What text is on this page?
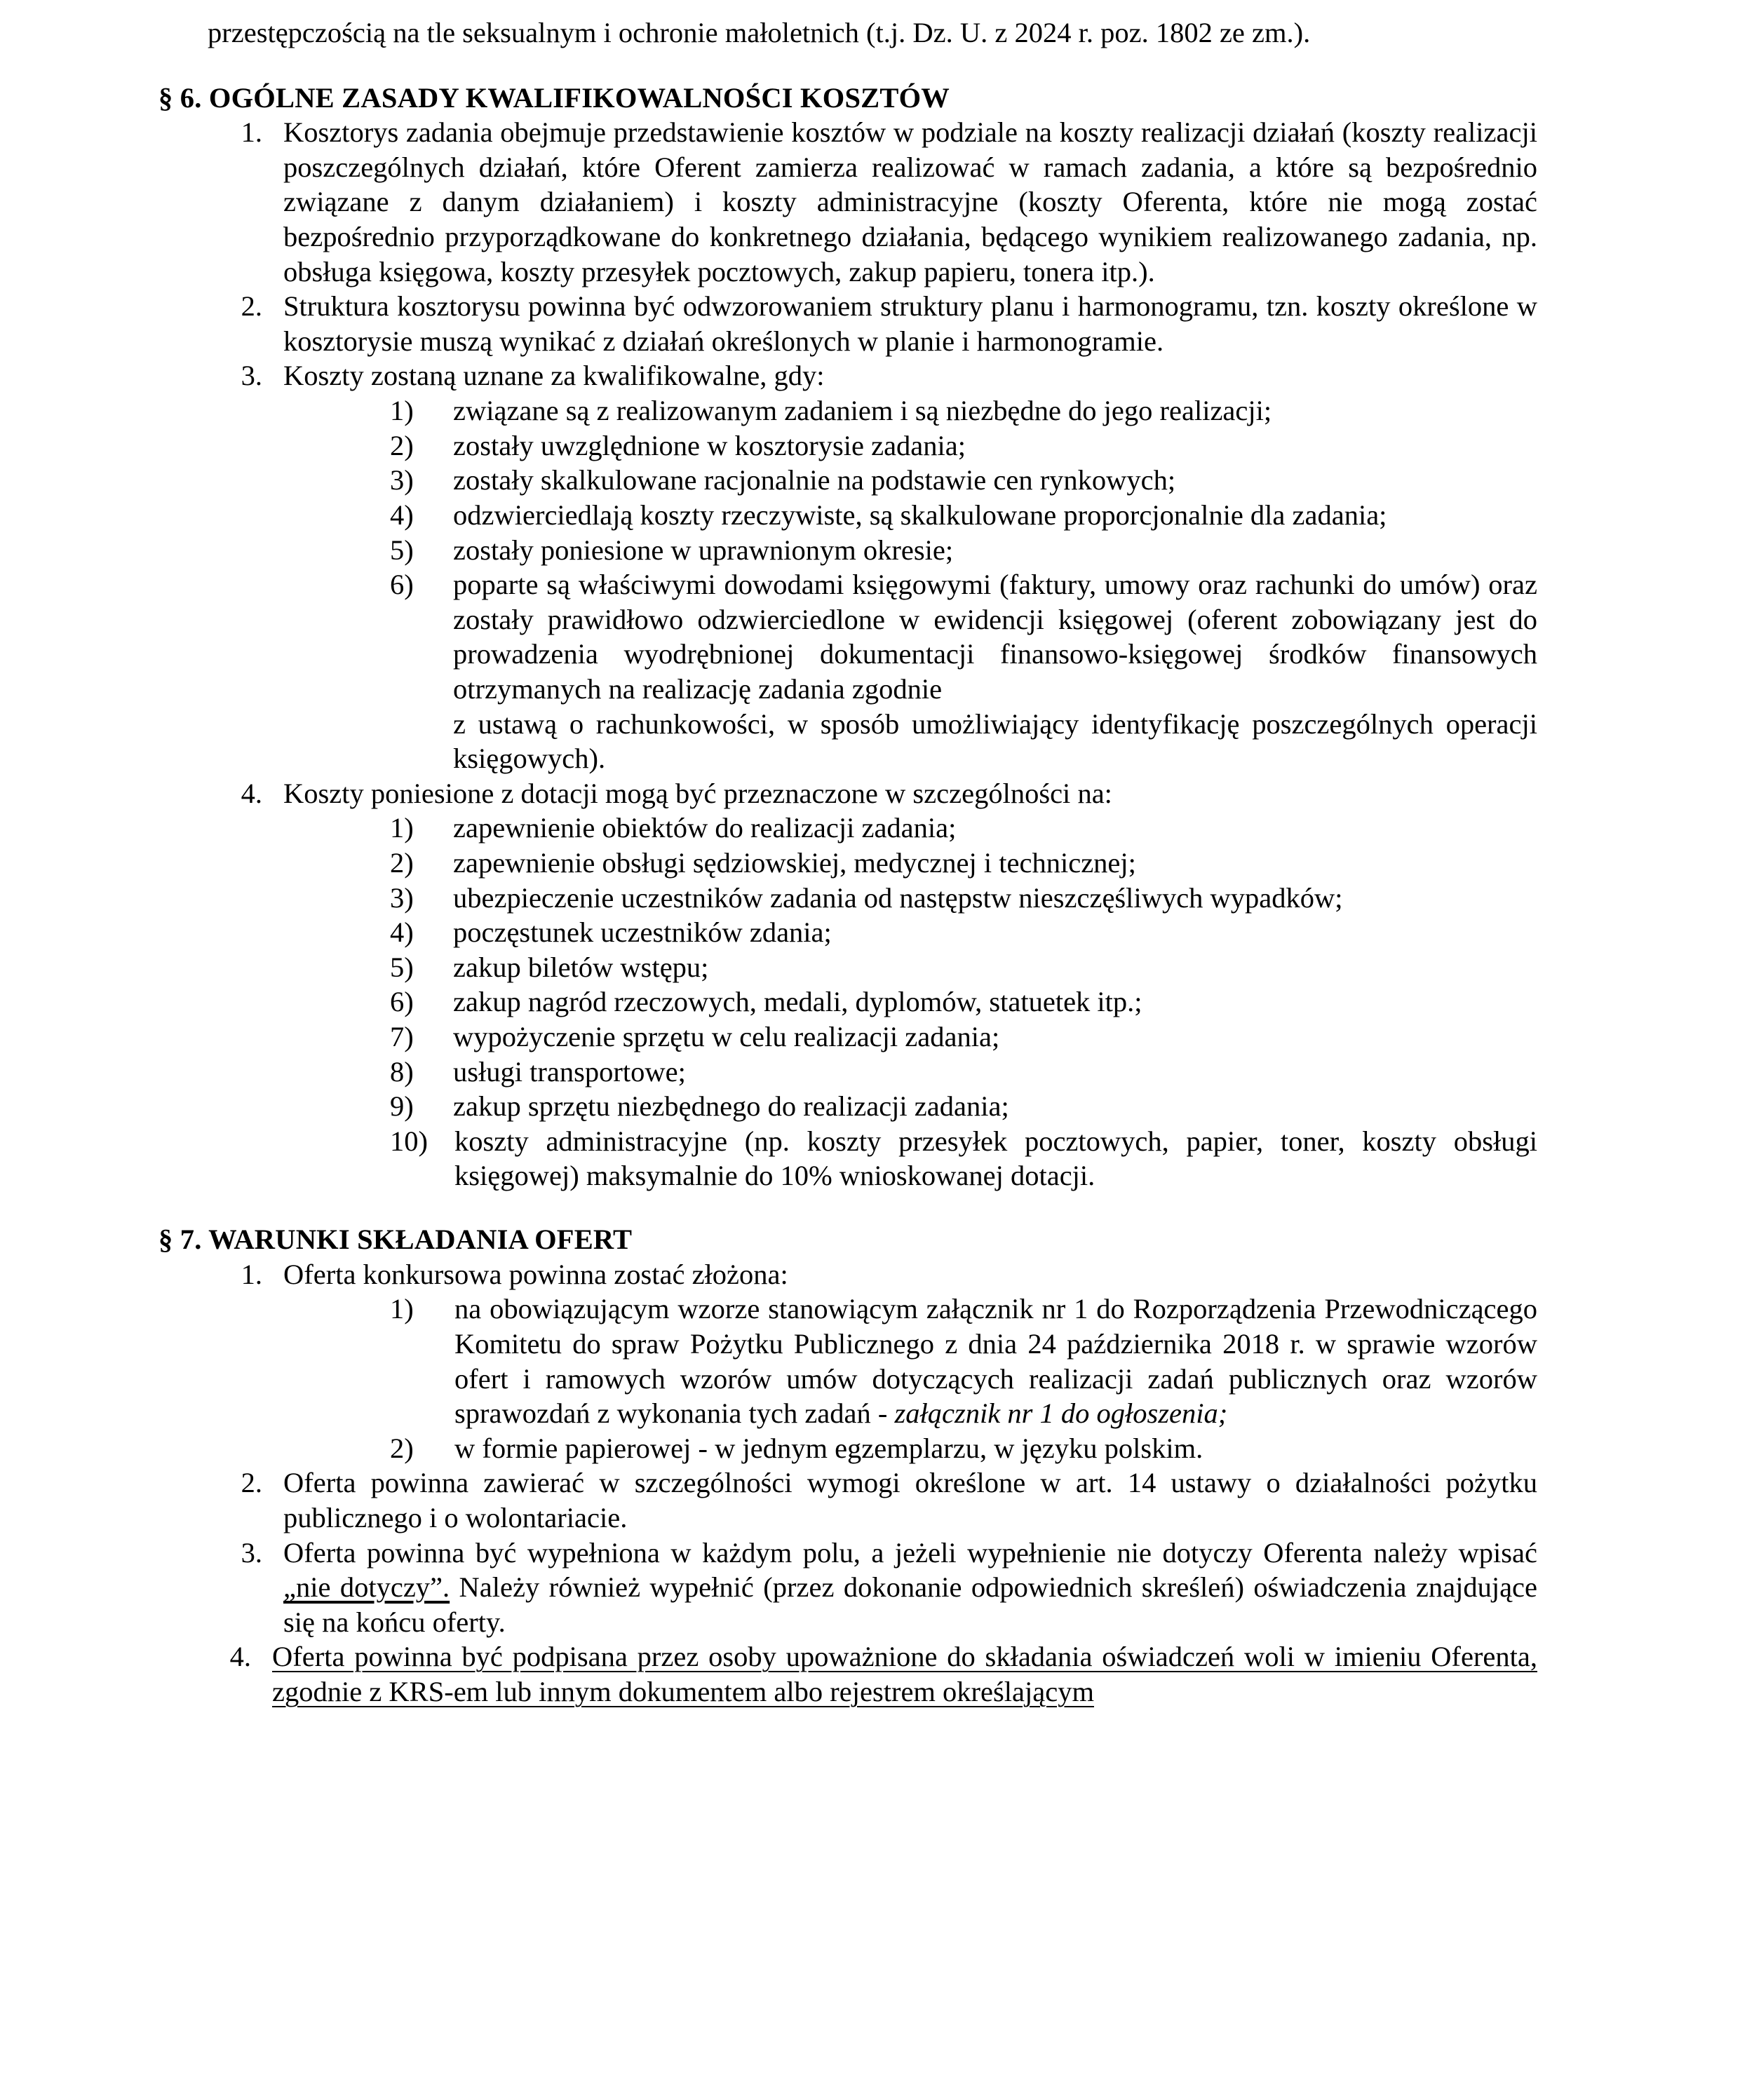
przestępczością na tle seksualnym i ochronie małoletnich (t.j. Dz. U. z 2024 r. poz. 1802 ze zm.).

§ 6. OGÓLNE ZASADY KWALIFIKOWALNOŚCI KOSZTÓW
1. Kosztorys zadania obejmuje przedstawienie kosztów w podziale na koszty realizacji działań (koszty realizacji poszczególnych działań, które Oferent zamierza realizować w ramach zadania, a które są bezpośrednio związane z danym działaniem) i koszty administracyjne (koszty Oferenta, które nie mogą zostać bezpośrednio przyporządkowane do konkretnego działania, będącego wynikiem realizowanego zadania, np. obsługa księgowa, koszty przesyłek pocztowych, zakup papieru, tonera itp.).
2. Struktura kosztorysu powinna być odwzorowaniem struktury planu i harmonogramu, tzn. koszty określone w kosztorysie muszą wynikać z działań określonych w planie i harmonogramie.
3. Koszty zostaną uznane za kwalifikowalne, gdy:
1)	związane są z realizowanym zadaniem i są niezbędne do jego realizacji;
2)	zostały uwzględnione w kosztorysie zadania;
3)	zostały skalkulowane racjonalnie na podstawie cen rynkowych;
4)	odzwierciedlają koszty rzeczywiste, są skalkulowane proporcjonalnie dla zadania;
5)	zostały poniesione w uprawnionym okresie;
6)	poparte są właściwymi dowodami księgowymi (faktury, umowy oraz rachunki do umów) oraz zostały prawidłowo odzwierciedlone w ewidencji księgowej (oferent zobowiązany jest do prowadzenia wyodrębnionej dokumentacji finansowo-księgowej środków finansowych otrzymanych na realizację zadania zgodnie
z ustawą o rachunkowości, w sposób umożliwiający identyfikację poszczególnych operacji księgowych).
4. Koszty poniesione z dotacji mogą być przeznaczone w szczególności na:
1)	zapewnienie obiektów do realizacji zadania;
2)	zapewnienie obsługi sędziowskiej, medycznej i technicznej;
3)	ubezpieczenie uczestników zadania od następstw nieszczęśliwych wypadków;
4)	poczęstunek uczestników zdania;
5)	zakup biletów wstępu;
6)	zakup nagród rzeczowych, medali, dyplomów, statuetek itp.;
7)	wypożyczenie sprzętu w celu realizacji zadania;
8)	usługi transportowe;
9)	zakup sprzętu niezbędnego do realizacji zadania;
10) koszty administracyjne (np. koszty przesyłek pocztowych, papier, toner, koszty obsługi księgowej) maksymalnie do 10% wnioskowanej dotacji.
§ 7. WARUNKI SKŁADANIA OFERT
1. Oferta konkursowa powinna zostać złożona:
1)	na obowiązującym wzorze stanowiącym załącznik nr 1 do Rozporządzenia Przewodniczącego Komitetu do spraw Pożytku Publicznego z dnia 24 października 2018 r. w sprawie wzorów ofert i ramowych wzorów umów dotyczących realizacji zadań publicznych oraz wzorów sprawozdań z wykonania tych zadań - załącznik nr 1 do ogłoszenia;
2)	w formie papierowej - w jednym egzemplarzu, w języku polskim.
2. Oferta powinna zawierać w szczególności wymogi określone w art. 14 ustawy o działalności pożytku publicznego i o wolontariacie.
3. Oferta powinna być wypełniona w każdym polu, a jeżeli wypełnienie nie dotyczy Oferenta należy wpisać „nie dotyczy”. Należy również wypełnić (przez dokonanie odpowiednich skreśleń) oświadczenia znajdujące się na końcu oferty.
4. Oferta powinna być podpisana przez osoby upoważnione do składania oświadczeń woli w imieniu Oferenta, zgodnie z KRS-em lub innym dokumentem albo rejestrem określającym
